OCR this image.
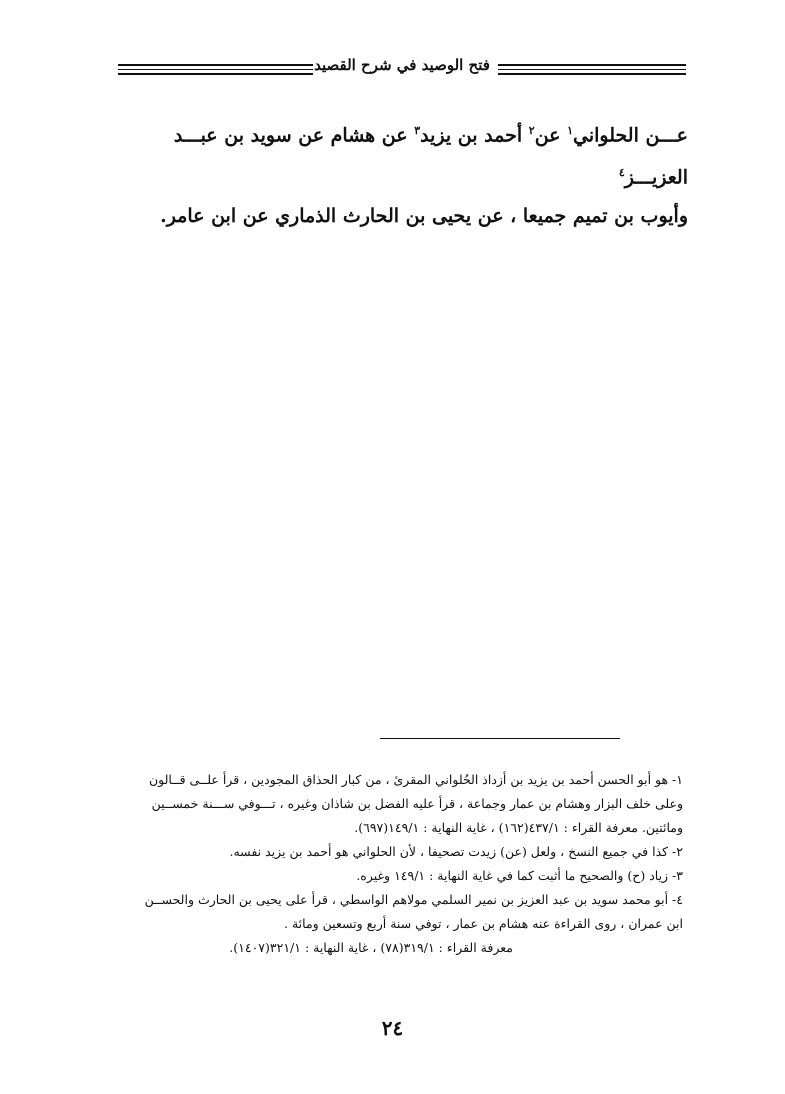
فتح الوصيد في شرح القصيد
عـــن الحلواني$^١$ عن$^٢$ أحمد بن يزيد$^٣$ عن هشام عن سويد بن عبـــد العزيـــز$^٤$
وأيوب بن تميم جميعا ، عن يحيى بن الحارث الذماري عن ابن عامر.
١- هو أبو الحسن أحمد بن يزيد بن أزداذ الحُلواني المقرئ ، من كبار الحذاق المجودين ، قرأ علــى قــالون
وعلى خلف البزار وهشام بن عمار وجماعة ، قرأ عليه الفضل بن شاذان وغيره ، تـــوفي ســـنة خمســين
ومائتين. معرفة القراء : ٤٣٧/١(١٦٢) ، غاية النهاية : ١٤٩/١(٦٩٧).
٢- كذا في جميع النسخ ، ولعل (عن) زيدت تصحيفا ، لأن الحلواني هو أحمد بن يزيد نفسه.
٣- زياد (ح) والصحيح ما أثبت كما في غاية النهاية : ١٤٩/١ وغيره.
٤- أبو محمد سويد بن عبد العزيز بن نمير السلمي مولاهم الواسطي ، قرأ على يحيى بن الحارث والحســن
ابن عمران ، روى القراءة عنه هشام بن عمار ، توفي سنة أربع وتسعين ومائة .
معرفة القراء : ٣١٩/١(٧٨) ، غاية النهاية : ٣٢١/١(١٤٠٧).
٢٤
